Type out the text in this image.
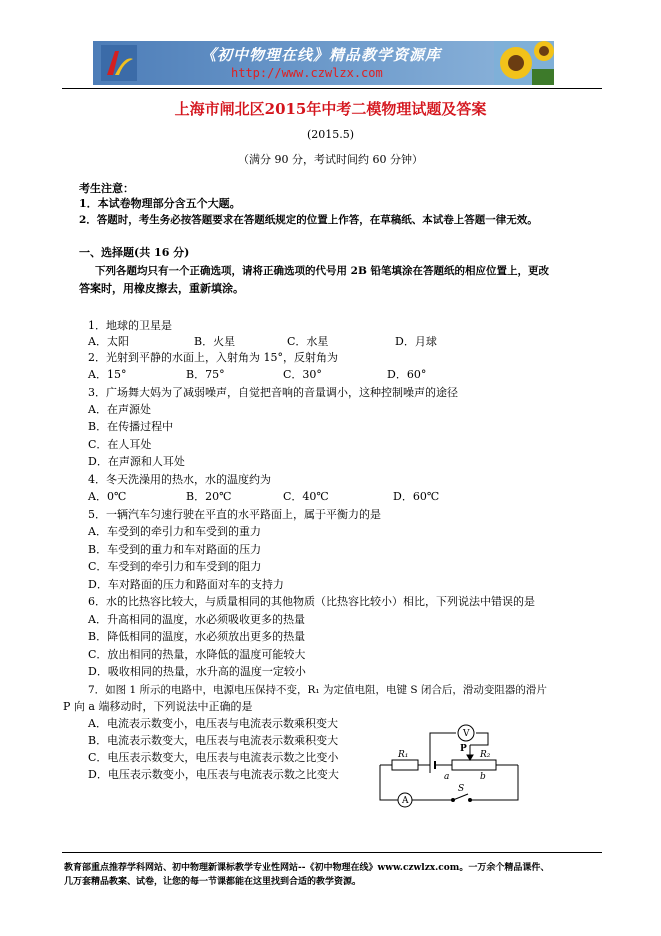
《初中物理在线》精品教学资源库
http://www.czwlzx.com
上海市闸北区2015年中考二模物理试题及答案
(2015.5)
（满分 90 分，考试时间约 60 分钟）
考生注意：
1．本试卷物理部分含五个大题。
2．答题时，考生务必按答题要求在答题纸规定的位置上作答，在草稿纸、本试卷上答题一律无效。
一、选择题(共 16 分)
下列各题均只有一个正确选项，请将正确选项的代号用 2B 铅笔填涂在答题纸的相应位置上，更改
答案时，用橡皮擦去，重新填涂。
1．地球的卫星是
A．太阳	B．火星	C．水星	D．月球
2．光射到平静的水面上，入射角为 15°，反射角为
A．15°	B．75°	C．30°	D．60°
3．广场舞大妈为了减弱噪声，自觉把音响的音量调小，这种控制噪声的途径
A．在声源处
B．在传播过程中
C．在人耳处
D．在声源和人耳处
4．冬天洗澡用的热水，水的温度约为
A．0℃	B．20℃	C．40℃	D．60℃
5．一辆汽车匀速行驶在平直的水平路面上，属于平衡力的是
A．车受到的牵引力和车受到的重力
B．车受到的重力和车对路面的压力
C．车受到的牵引力和车受到的阻力
D．车对路面的压力和路面对车的支持力
6．水的比热容比较大，与质量相同的其他物质（比热容比较小）相比，下列说法中错误的是
A．升高相同的温度，水必须吸收更多的热量
B．降低相同的温度，水必须放出更多的热量
C．放出相同的热量，水降低的温度可能较大
D．吸收相同的热量，水升高的温度一定较小
7．如图 1 所示的电路中，电源电压保持不变，R₁ 为定值电阻，电键 S 闭合后，滑动变阻器的滑片
P 向 a 端移动时，下列说法中正确的是
A．电流表示数变小，电压表与电流表示数乘积变大
B．电流表示数变大，电压表与电流表示数乘积变大
C．电压表示数变大，电压表与电流表示数之比变小
D．电压表示数变小，电压表与电流表示数之比变大
R₁	R₂
P
a	b
S
V
A
教育部重点推荐学科网站、初中物理新课标教学专业性网站--《初中物理在线》www.czwlzx.com。一万余个精品课件、
几万套精品教案、试卷，让您的每一节课都能在这里找到合适的教学资源。
